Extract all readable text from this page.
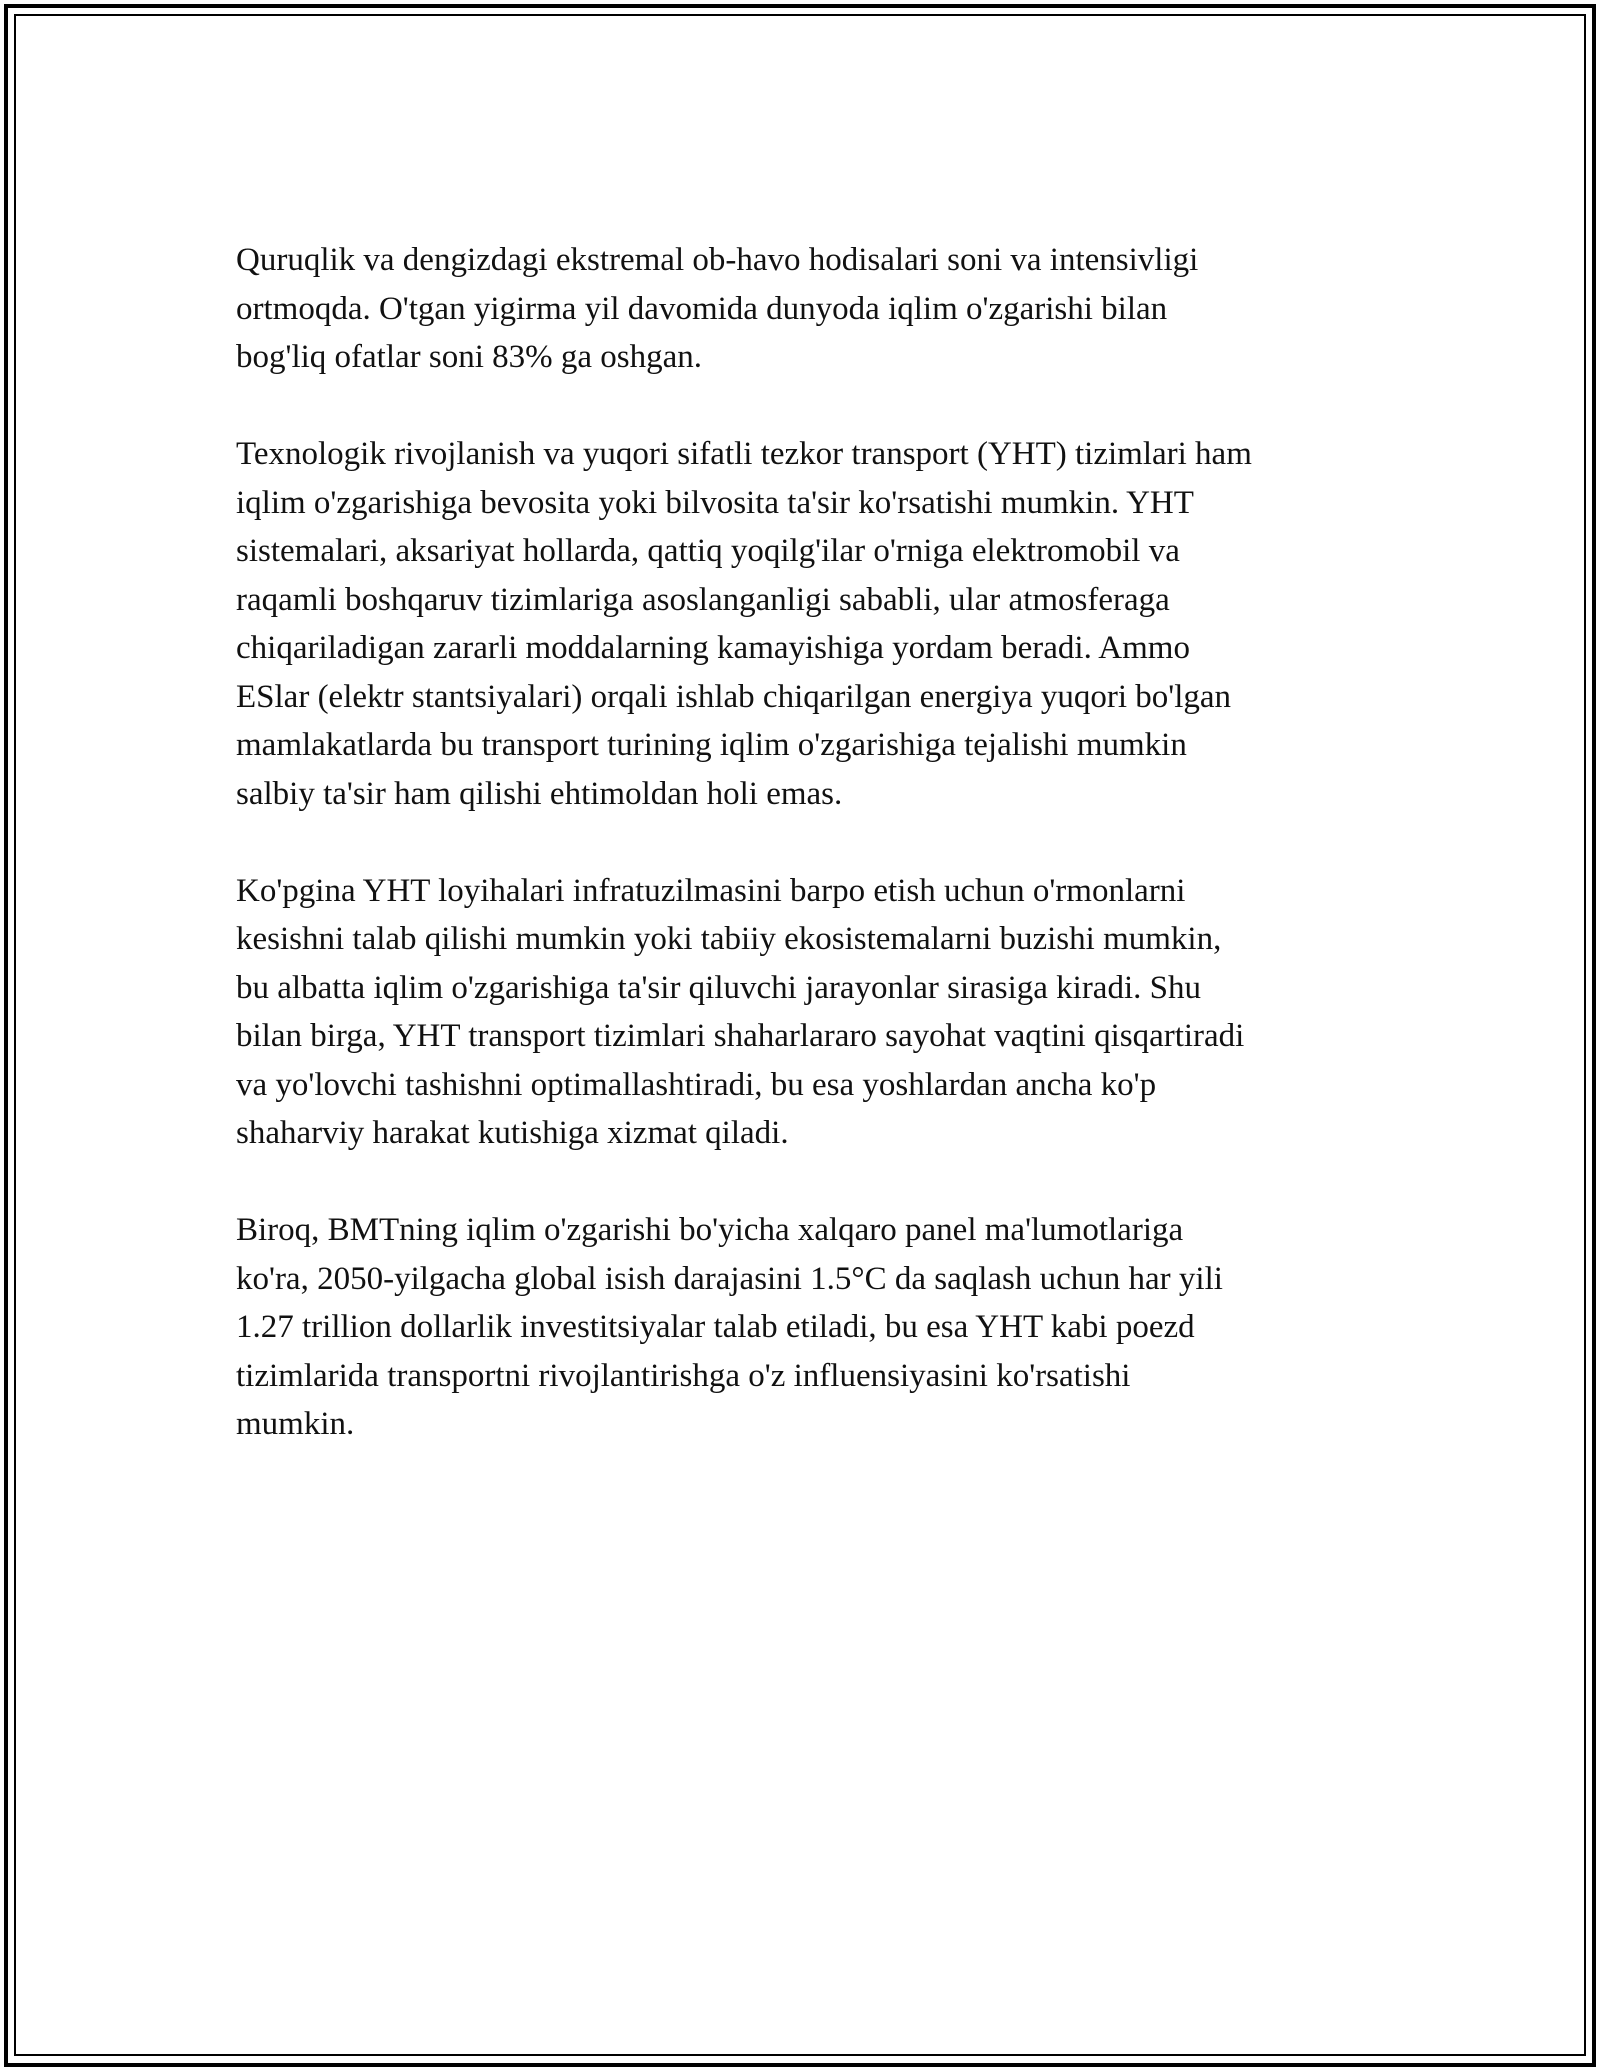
Quruqlik va dengizdagi ekstremal ob-havo hodisalari soni va intensivligi
ortmoqda. O'tgan yigirma yil davomida dunyoda iqlim o'zgarishi bilan
bog'liq ofatlar soni 83% ga oshgan.

Texnologik rivojlanish va yuqori sifatli tezkor transport (YHT) tizimlari ham
iqlim o'zgarishiga bevosita yoki bilvosita ta'sir ko'rsatishi mumkin. YHT
sistemalari, aksariyat hollarda, qattiq yoqilg'ilar o'rniga elektromobil va
raqamli boshqaruv tizimlariga asoslanganligi sababli, ular atmosferaga
chiqariladigan zararli moddalarning kamayishiga yordam beradi. Ammo
ESlar (elektr stantsiyalari) orqali ishlab chiqarilgan energiya yuqori bo'lgan
mamlakatlarda bu transport turining iqlim o'zgarishiga tejalishi mumkin
salbiy ta'sir ham qilishi ehtimoldan holi emas.

Ko'pgina YHT loyihalari infratuzilmasini barpo etish uchun o'rmonlarni
kesishni talab qilishi mumkin yoki tabiiy ekosistemalarni buzishi mumkin,
bu albatta iqlim o'zgarishiga ta'sir qiluvchi jarayonlar sirasiga kiradi. Shu
bilan birga, YHT transport tizimlari shaharlararo sayohat vaqtini qisqartiradi
va yo'lovchi tashishni optimallashtiradi, bu esa yoshlardan ancha ko'p
shaharviy harakat kutishiga xizmat qiladi.

Biroq, BMTning iqlim o'zgarishi bo'yicha xalqaro panel ma'lumotlariga
ko'ra, 2050-yilgacha global isish darajasini 1.5°C da saqlash uchun har yili
1.27 trillion dollarlik investitsiyalar talab etiladi, bu esa YHT kabi poezd
tizimlarida transportni rivojlantirishga o'z influensiyasini ko'rsatishi
mumkin.
